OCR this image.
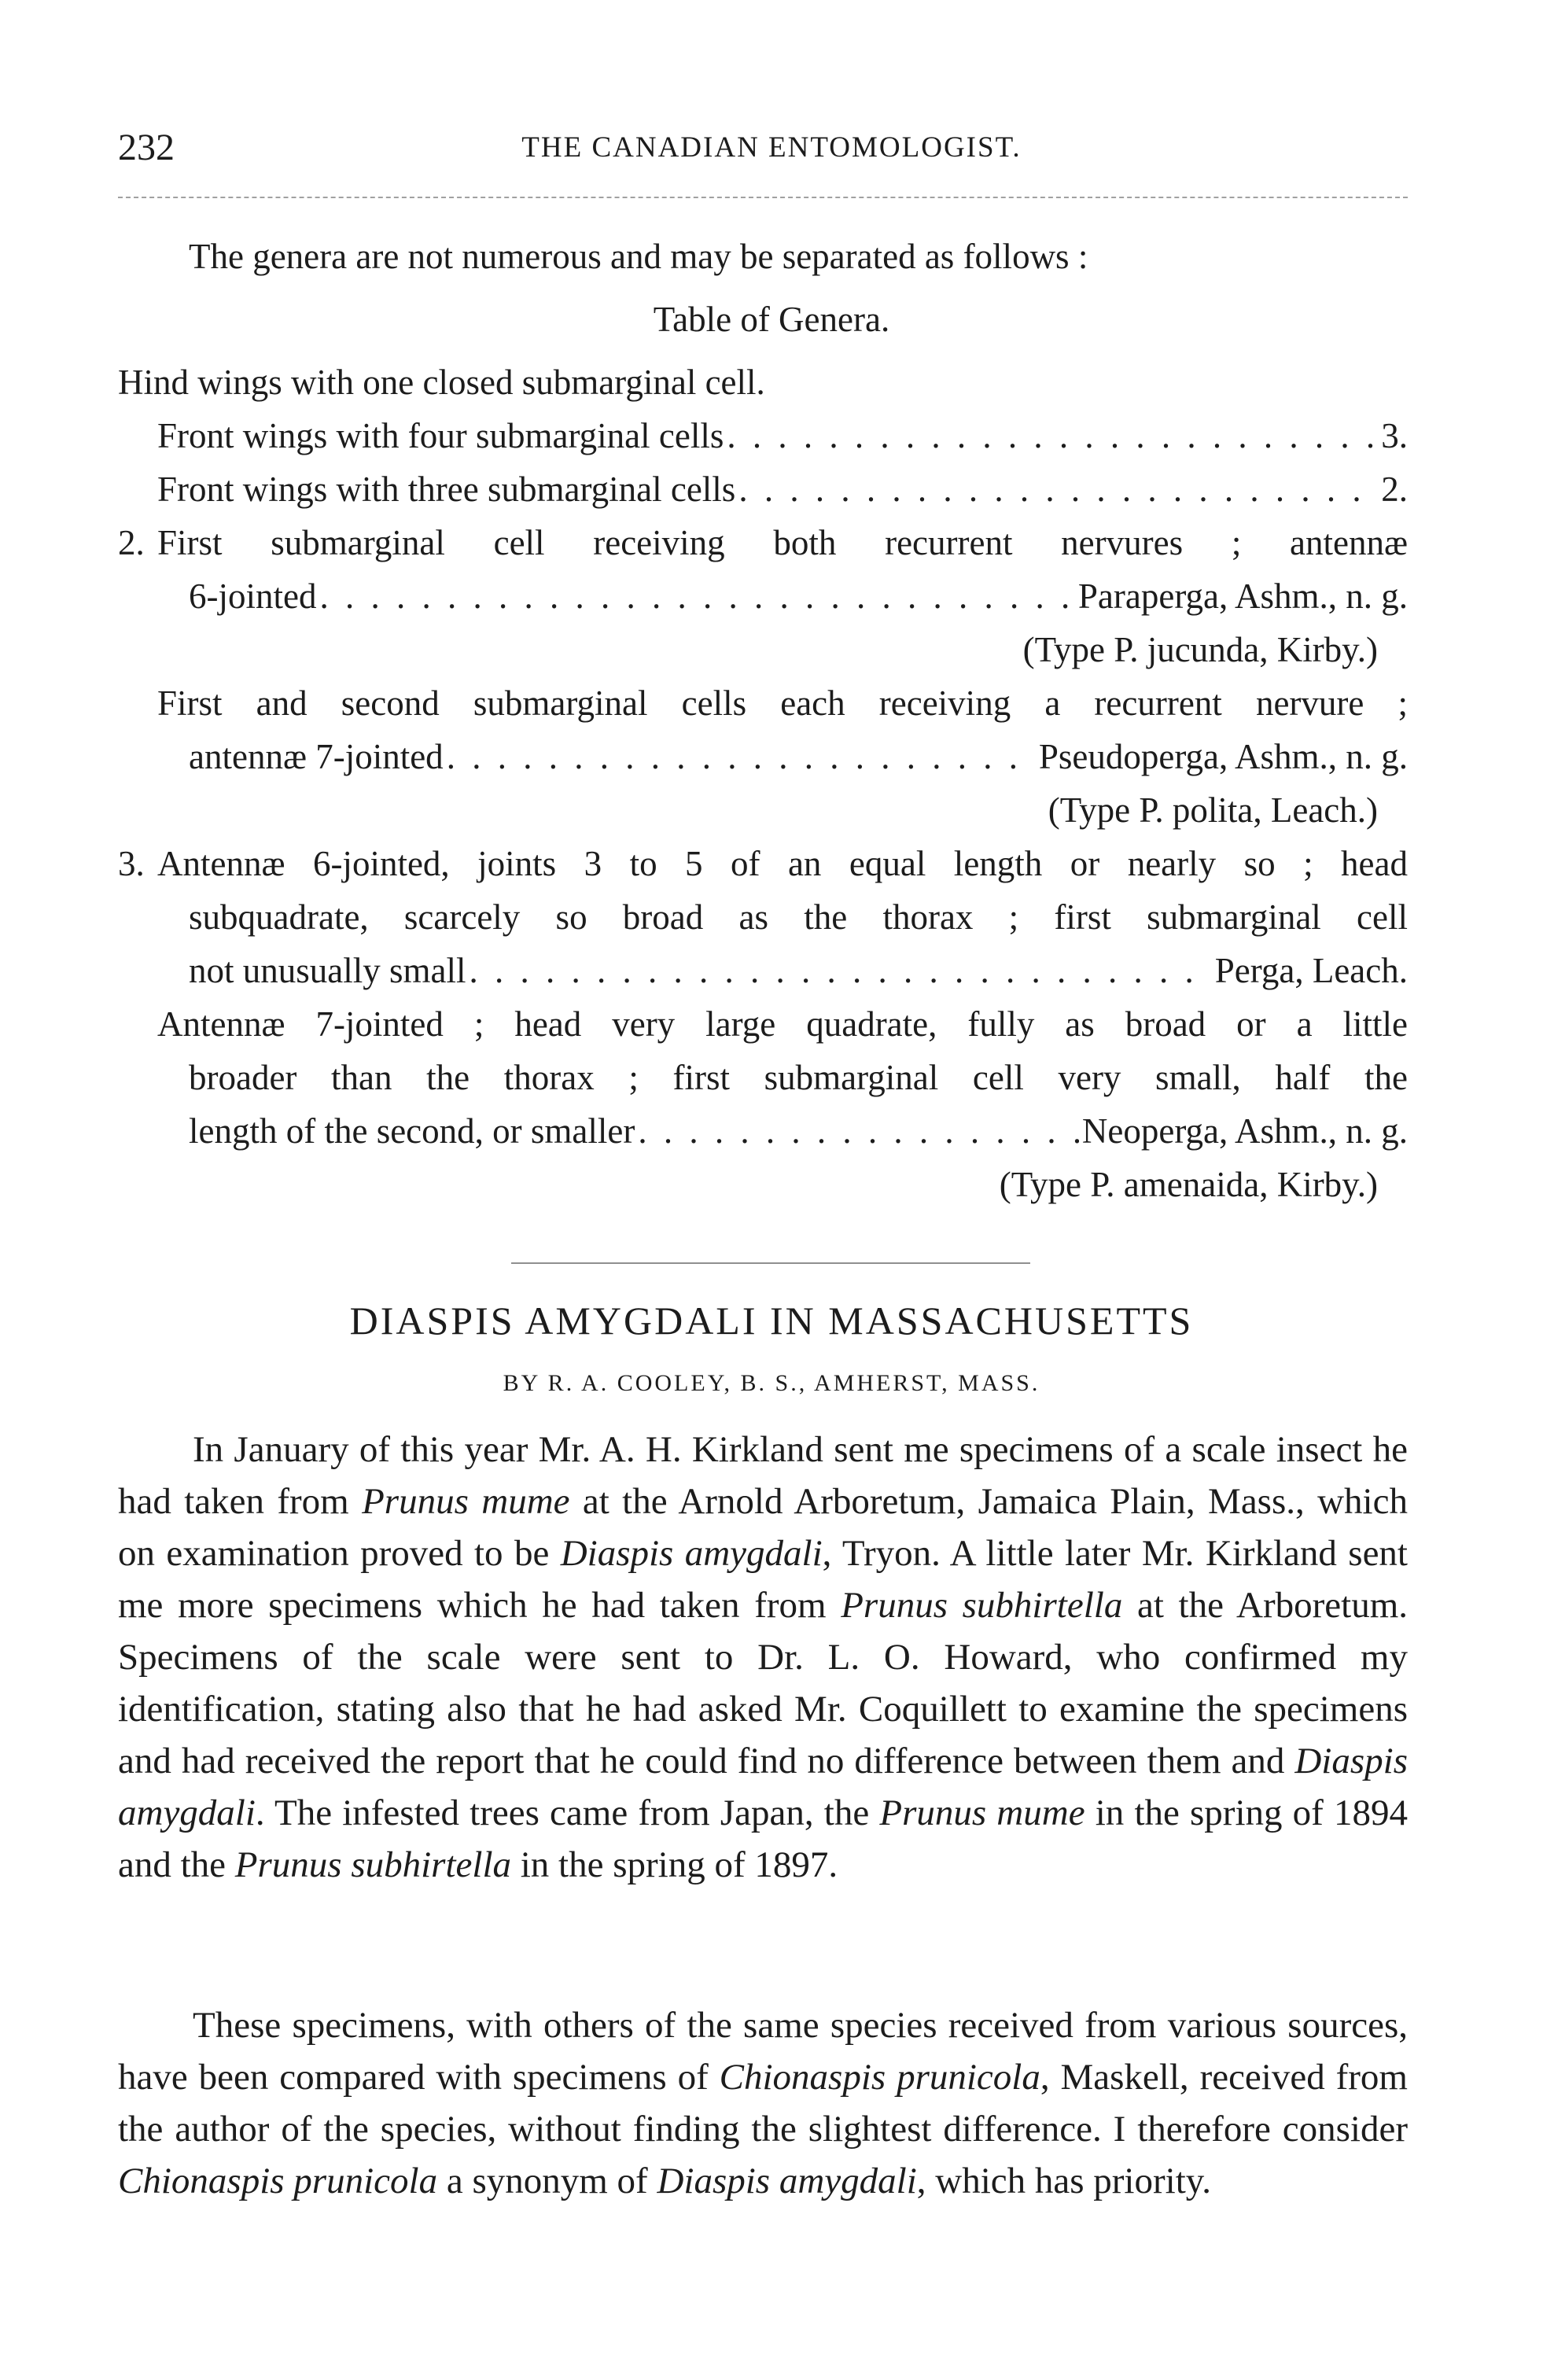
232	THE CANADIAN ENTOMOLOGIST.
The genera are not numerous and may be separated as follows :
Table of Genera.
Hind wings with one closed submarginal cell.
Front wings with four submarginal cells . . .	3.
Front wings with three submarginal cells . . .	2.
2. First submarginal cell receiving both recurrent nervures ; antennæ
6-jointed . . .	Paraperga, Ashm., n. g.
(Type P. jucunda, Kirby.)
First and second submarginal cells each receiving a recurrent nervure ;
antennæ 7-jointed . . .	Pseudoperga, Ashm., n. g.
(Type P. polita, Leach.)
3. Antennæ 6-jointed, joints 3 to 5 of an equal length or nearly so ; head
subquadrate, scarcely so broad as the thorax ; first submarginal cell
not unusually small . . .	Perga, Leach.
Antennæ 7-jointed ; head very large quadrate, fully as broad or a little
broader than the thorax ; first submarginal cell very small, half the
length of the second, or smaller . . .	Neoperga, Ashm., n. g.
(Type P. amenaida, Kirby.)
DIASPIS AMYGDALI IN MASSACHUSETTS
BY R. A. COOLEY, B. S., AMHERST, MASS.

In January of this year Mr. A. H. Kirkland sent me specimens of a scale insect he had taken from Prunus mume at the Arnold Arboretum, Jamaica Plain, Mass., which on examination proved to be Diaspis amygdali, Tryon. A little later Mr. Kirkland sent me more specimens which he had taken from Prunus subhirtella at the Arboretum. Specimens of the scale were sent to Dr. L. O. Howard, who confirmed my identification, stating also that he had asked Mr. Coquillett to examine the specimens and had received the report that he could find no difference between them and Diaspis amygdali. The infested trees came from Japan, the Prunus mume in the spring of 1894 and the Prunus subhirtella in the spring of 1897.

These specimens, with others of the same species received from various sources, have been compared with specimens of Chionaspis prunicola, Maskell, received from the author of the species, without finding the slightest difference. I therefore consider Chionaspis prunicola a synonym of Diaspis amygdali, which has priority.
